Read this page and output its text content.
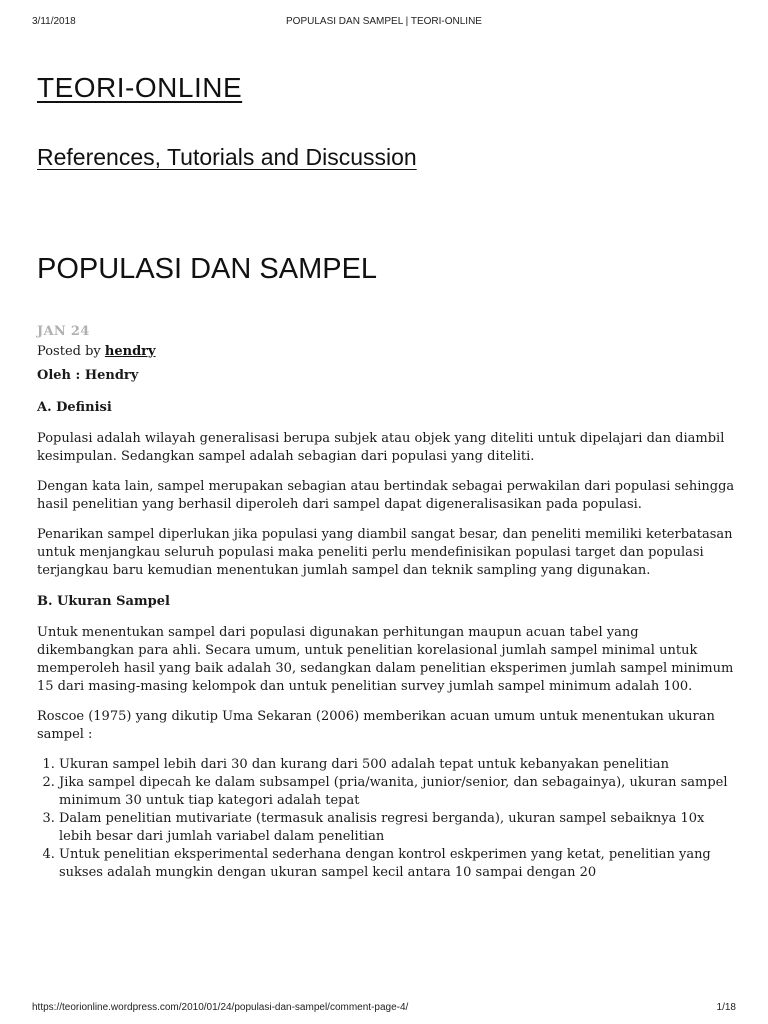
3/11/2018	POPULASI DAN SAMPEL | TEORI-ONLINE
TEORI-ONLINE
References, Tutorials and Discussion
POPULASI DAN SAMPEL
JAN 24
Posted by hendry
Oleh : Hendry
A. Definisi
Populasi adalah wilayah generalisasi berupa subjek atau objek yang diteliti untuk dipelajari dan diambil kesimpulan. Sedangkan sampel adalah sebagian dari populasi yang diteliti.
Dengan kata lain, sampel merupakan sebagian atau bertindak sebagai perwakilan dari populasi sehingga hasil penelitian yang berhasil diperoleh dari sampel dapat digeneralisasikan pada populasi.
Penarikan sampel diperlukan jika populasi yang diambil sangat besar, dan peneliti memiliki keterbatasan untuk menjangkau seluruh populasi maka peneliti perlu mendefinisikan populasi target dan populasi terjangkau baru kemudian menentukan jumlah sampel dan teknik sampling yang digunakan.
B. Ukuran Sampel
Untuk menentukan sampel dari populasi digunakan perhitungan maupun acuan tabel yang dikembangkan para ahli. Secara umum, untuk penelitian korelasional jumlah sampel minimal untuk memperoleh hasil yang baik adalah 30, sedangkan dalam penelitian eksperimen jumlah sampel minimum 15 dari masing-masing kelompok dan untuk penelitian survey jumlah sampel minimum adalah 100.
Roscoe (1975) yang dikutip Uma Sekaran (2006) memberikan acuan umum untuk menentukan ukuran sampel :
1. Ukuran sampel lebih dari 30 dan kurang dari 500 adalah tepat untuk kebanyakan penelitian
2. Jika sampel dipecah ke dalam subsampel (pria/wanita, junior/senior, dan sebagainya), ukuran sampel minimum 30 untuk tiap kategori adalah tepat
3. Dalam penelitian mutivariate (termasuk analisis regresi berganda), ukuran sampel sebaiknya 10x lebih besar dari jumlah variabel dalam penelitian
4. Untuk penelitian eksperimental sederhana dengan kontrol eskperimen yang ketat, penelitian yang sukses adalah mungkin dengan ukuran sampel kecil antara 10 sampai dengan 20
https://teorionline.wordpress.com/2010/01/24/populasi-dan-sampel/comment-page-4/	1/18
